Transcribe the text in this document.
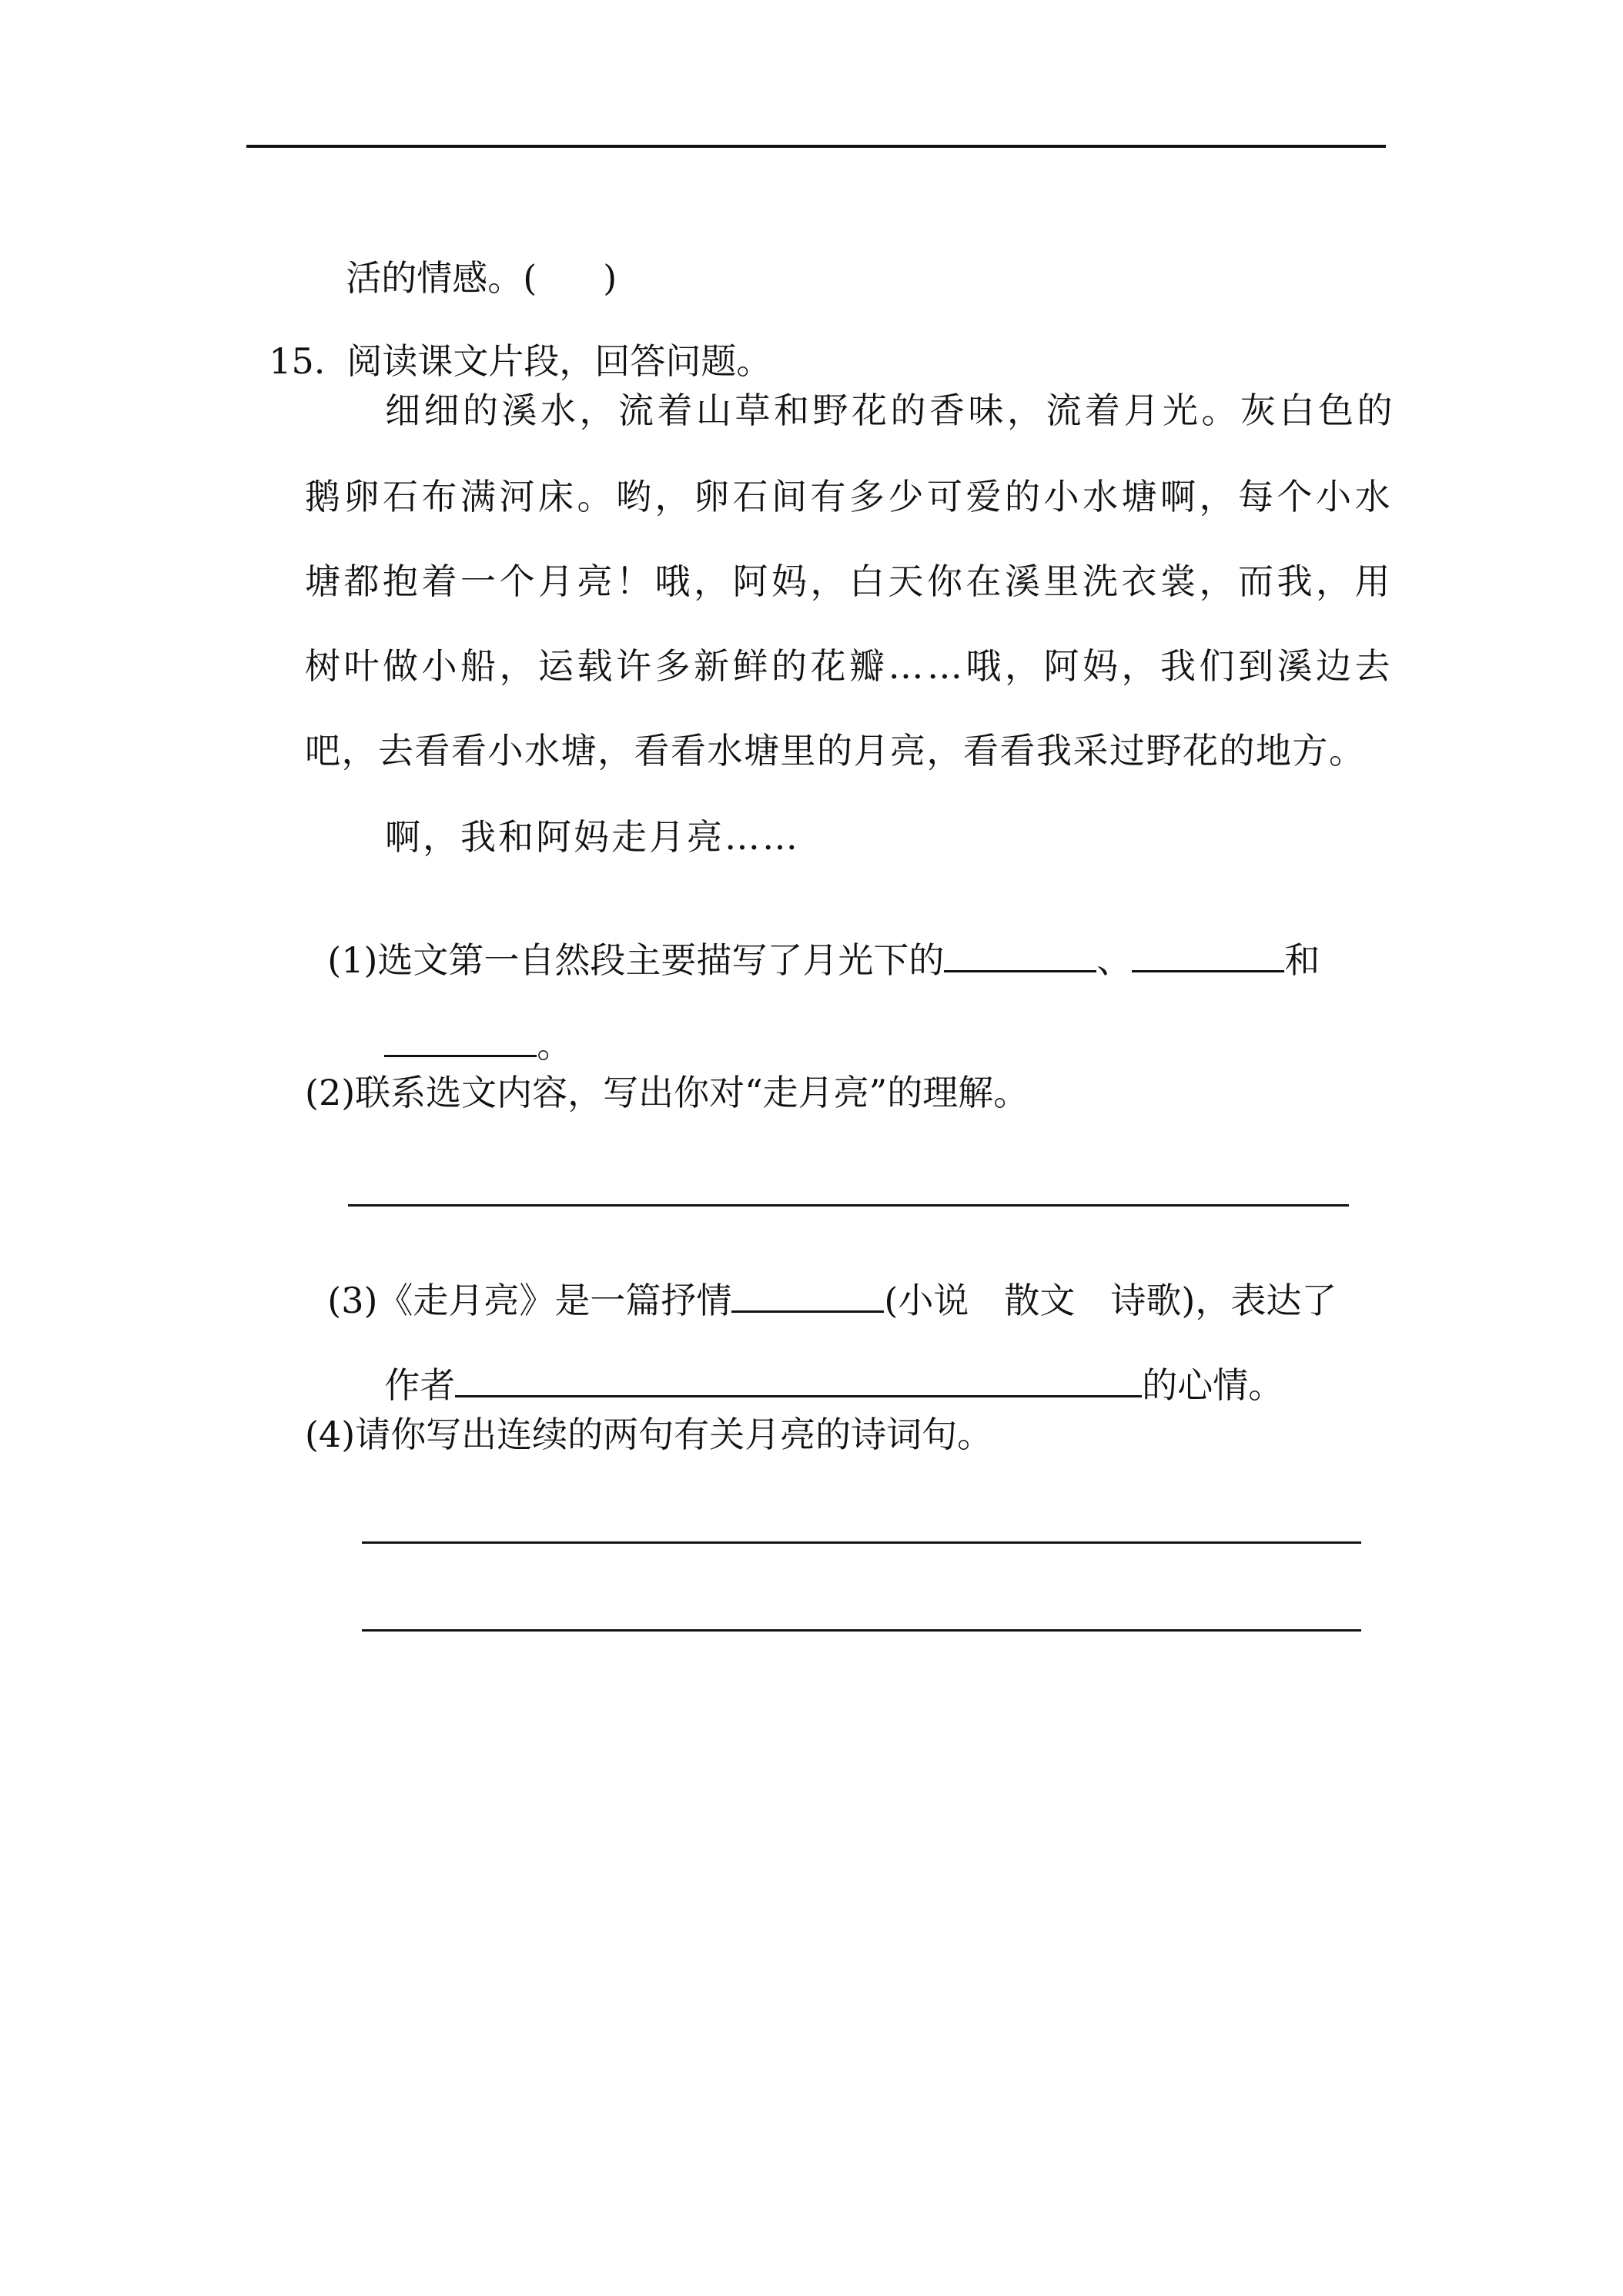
活的情感。( )

15. 阅读课文片段，回答问题。

细细的溪水，流着山草和野花的香味，流着月光。灰白色的
鹅卵石布满河床。哟，卵石间有多少可爱的小水塘啊，每个小水
塘都抱着一个月亮！哦，阿妈，白天你在溪里洗衣裳，而我，用
树叶做小船，运载许多新鲜的花瓣……哦，阿妈，我们到溪边去
吧，去看看小水塘，看看水塘里的月亮，看看我采过野花的地方。
啊，我和阿妈走月亮……

(1)选文第一自然段主要描写了月光下的	、	和

。

(2)联系选文内容，写出你对“走月亮”的理解。

(3)《走月亮》是一篇抒情	(小说　散文　诗歌)，表达了

作者	的心情。

(4)请你写出连续的两句有关月亮的诗词句。
